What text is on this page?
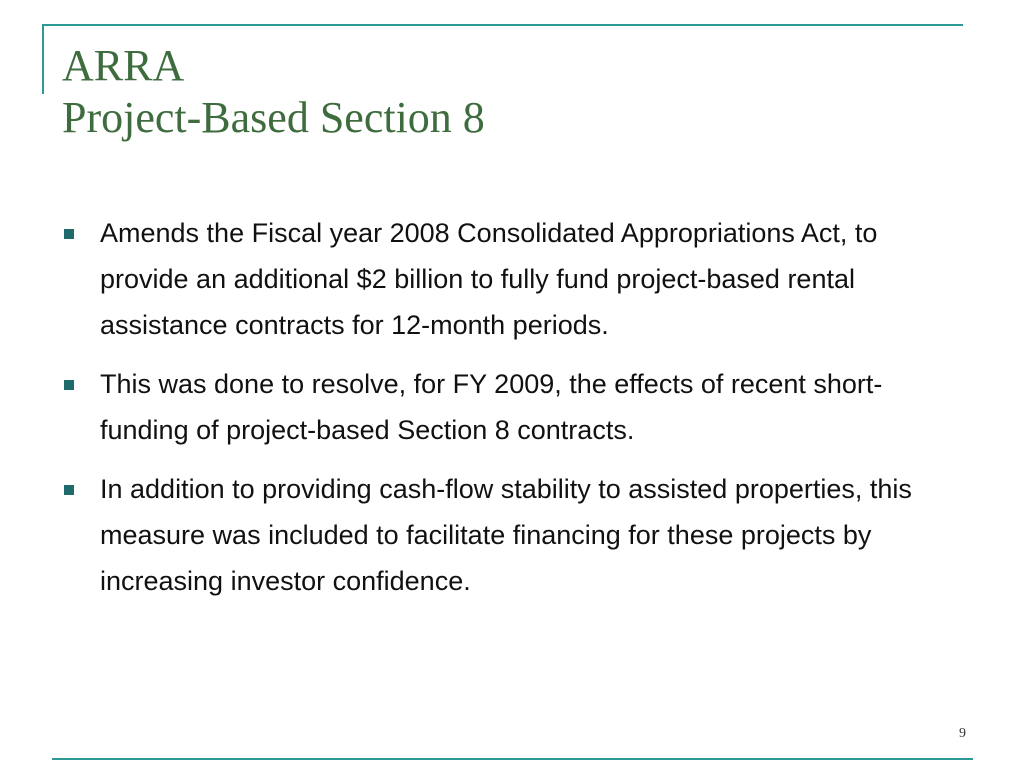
ARRA
Project-Based Section 8
Amends the Fiscal year 2008 Consolidated Appropriations Act, to provide an additional $2 billion to fully fund project-based rental assistance contracts for 12-month periods.
This was done to resolve, for FY 2009, the effects of recent short-funding of project-based Section 8 contracts.
In addition to providing cash-flow stability to assisted properties, this measure was included to facilitate financing for these projects by increasing investor confidence.
9
